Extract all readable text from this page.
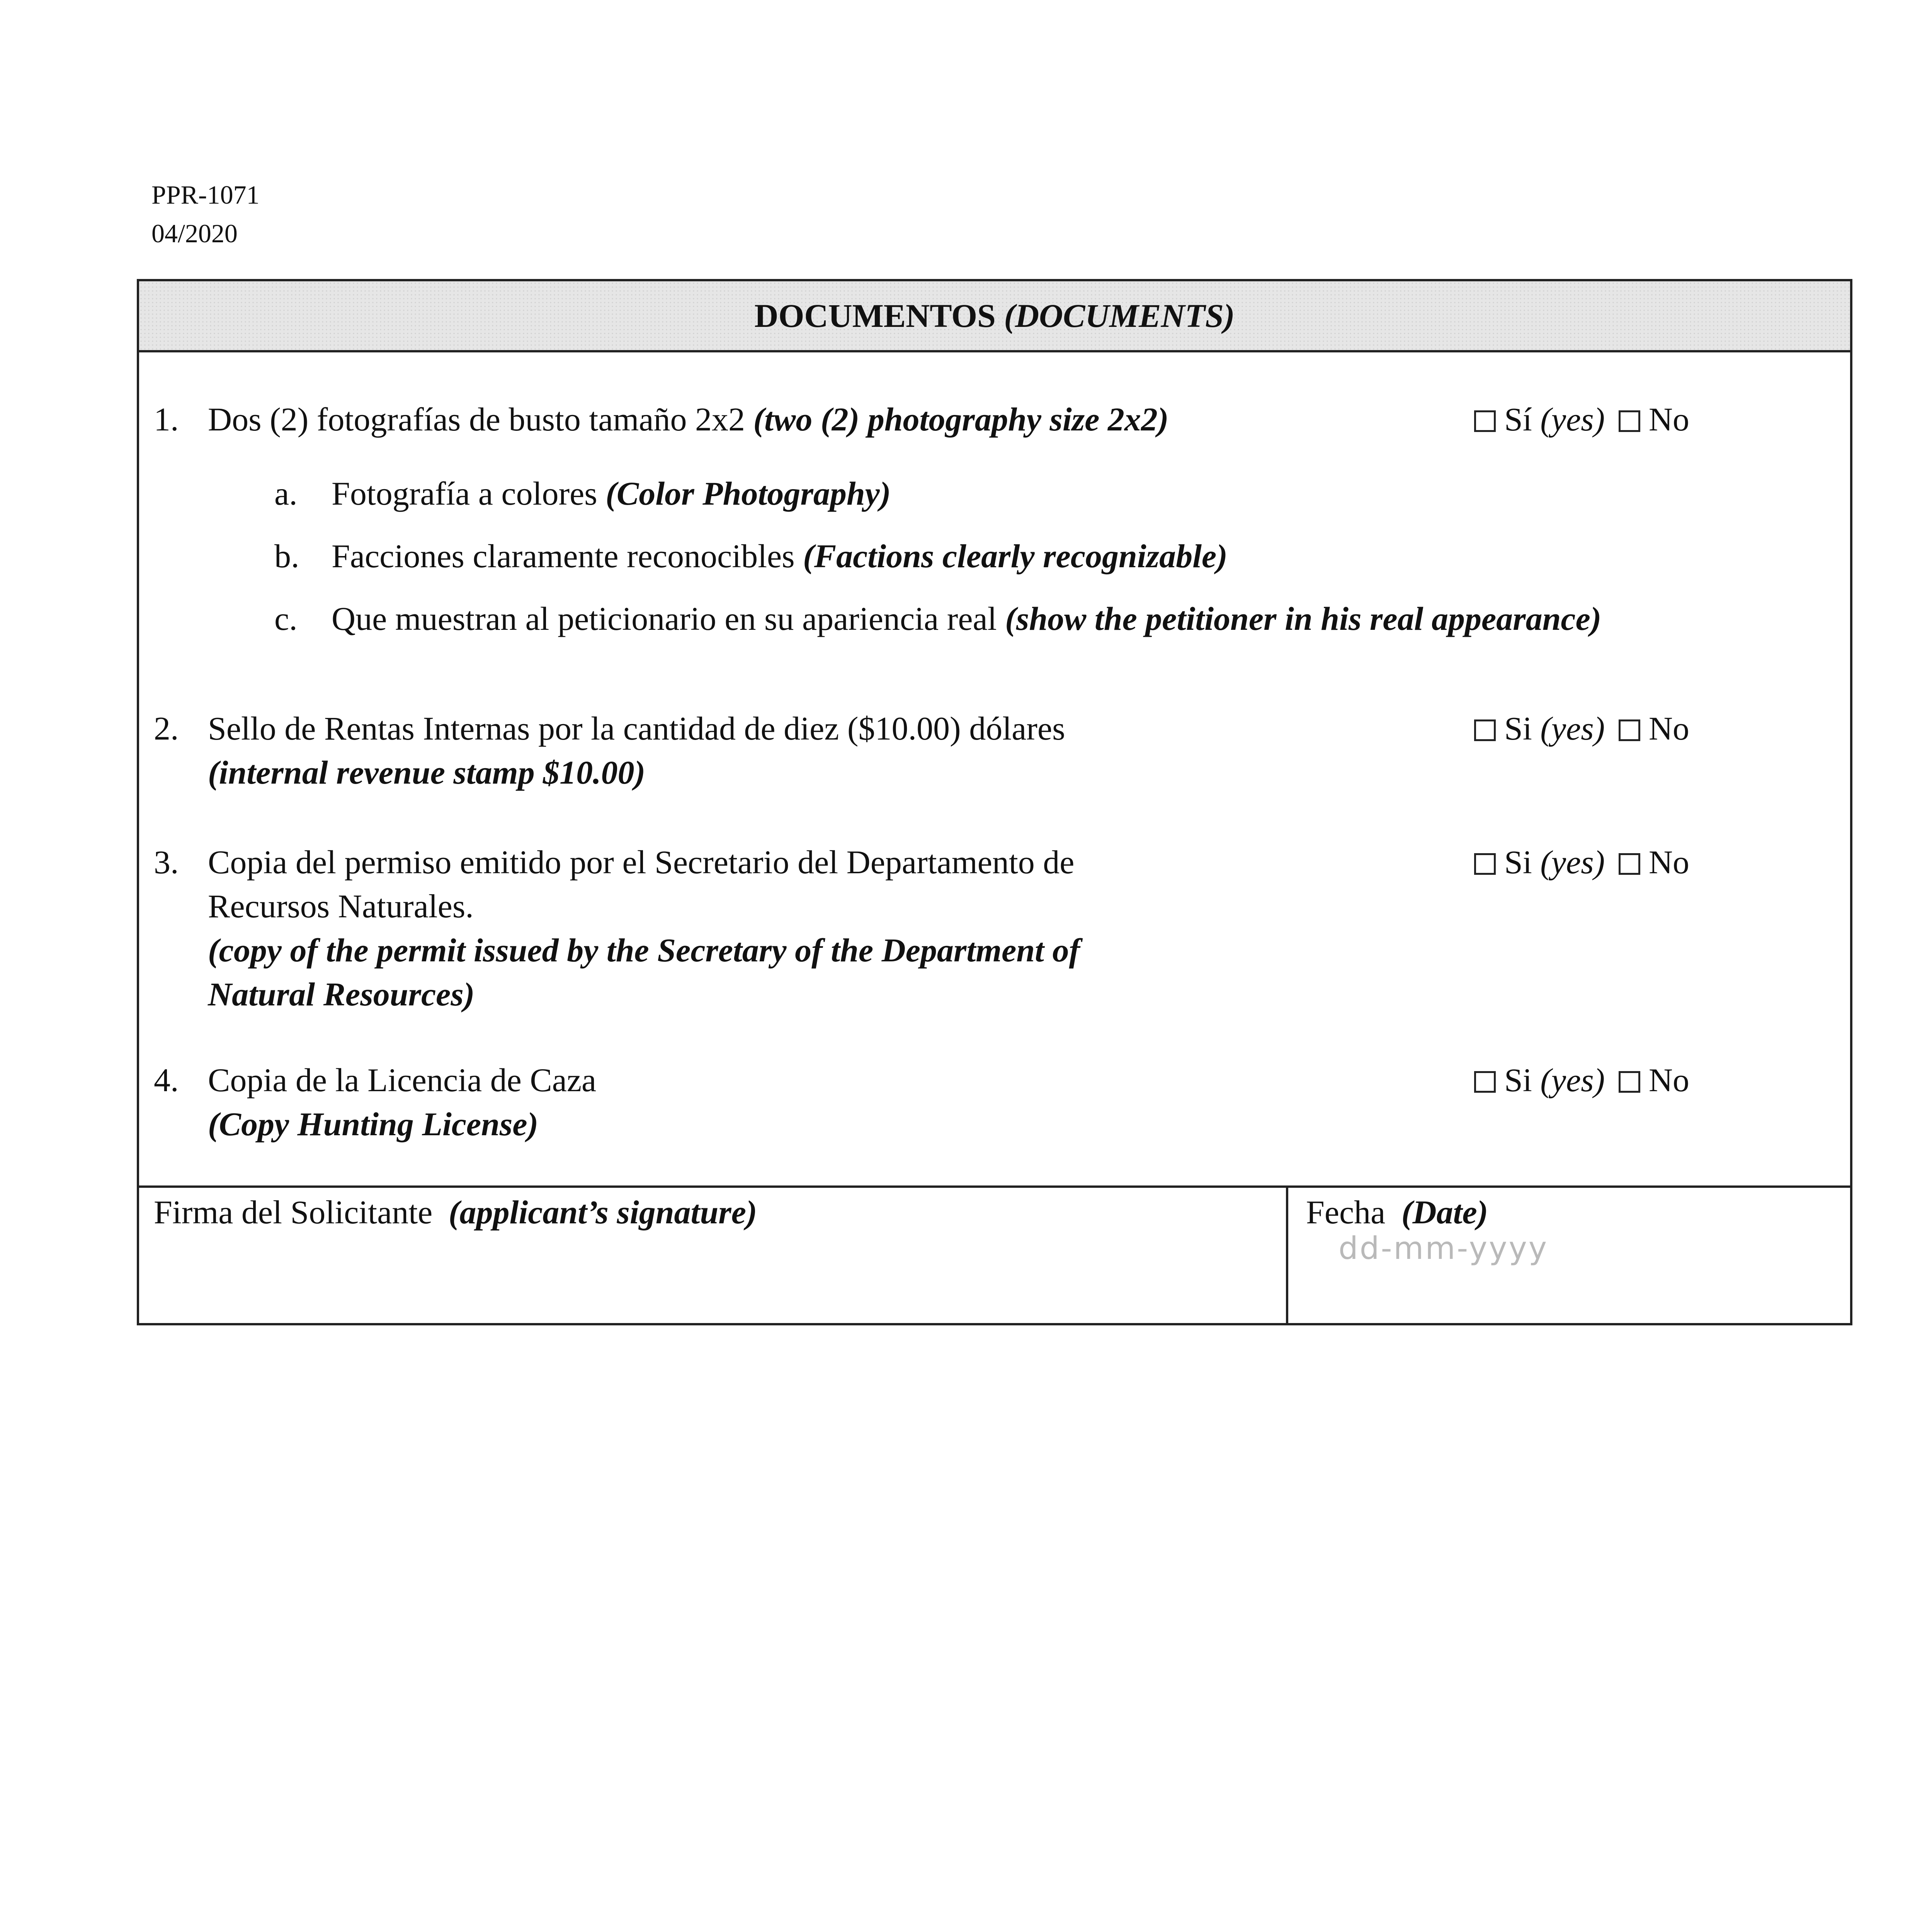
PPR-1071
04/2020
DOCUMENTOS (DOCUMENTS)
1. Dos (2) fotografías de busto tamaño 2x2 (two (2) photography size 2x2)	Sí (yes) No
a. Fotografía a colores (Color Photography)
b. Facciones claramente reconocibles (Factions clearly recognizable)
c. Que muestran al peticionario en su apariencia real (show the petitioner in his real appearance)
2. Sello de Rentas Internas por la cantidad de diez ($10.00) dólares
(internal revenue stamp $10.00)
Si (yes) No
3. Copia del permiso emitido por el Secretario del Departamento de
Recursos Naturales.
(copy of the permit issued by the Secretary of the Department of
Natural Resources)
Si (yes) No
4. Copia de la Licencia de Caza
(Copy Hunting License)
Si (yes) No
Firma del Solicitante (applicant’s signature)	Fecha (Date)
dd-mm-yyyy
